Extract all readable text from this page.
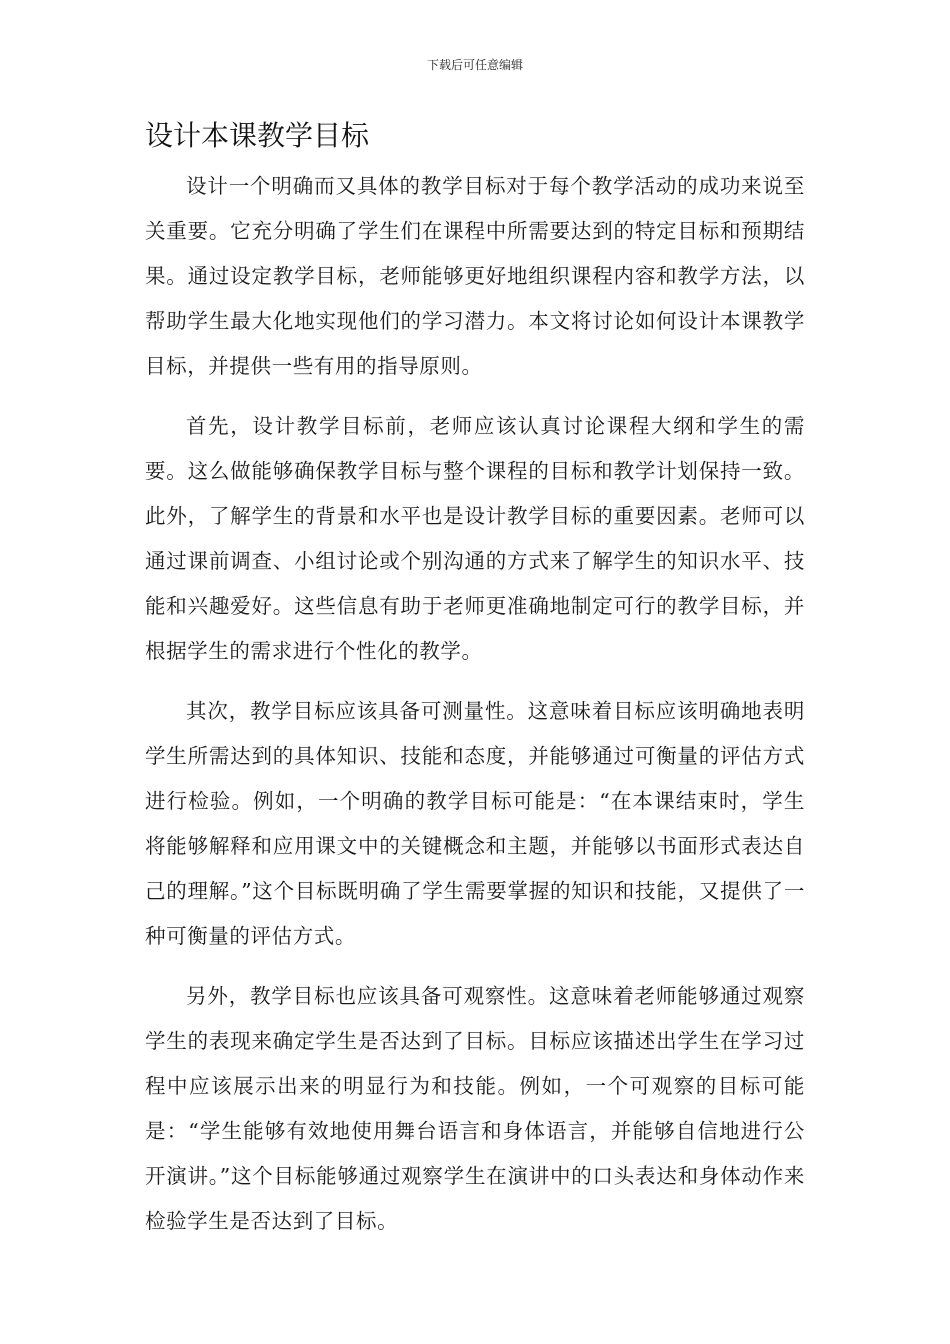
下载后可任意编辑
设计本课教学目标

设计一个明确而又具体的教学目标对于每个教学活动的成功来说至关重要。它充分明确了学生们在课程中所需要达到的特定目标和预期结果。通过设定教学目标，老师能够更好地组织课程内容和教学方法，以帮助学生最大化地实现他们的学习潜力。本文将讨论如何设计本课教学目标，并提供一些有用的指导原则。

首先，设计教学目标前，老师应该认真讨论课程大纲和学生的需要。这么做能够确保教学目标与整个课程的目标和教学计划保持一致。此外，了解学生的背景和水平也是设计教学目标的重要因素。老师可以通过课前调查、小组讨论或个别沟通的方式来了解学生的知识水平、技能和兴趣爱好。这些信息有助于老师更准确地制定可行的教学目标，并根据学生的需求进行个性化的教学。

其次，教学目标应该具备可测量性。这意味着目标应该明确地表明学生所需达到的具体知识、技能和态度，并能够通过可衡量的评估方式进行检验。例如，一个明确的教学目标可能是：“在本课结束时，学生将能够解释和应用课文中的关键概念和主题，并能够以书面形式表达自己的理解。”这个目标既明确了学生需要掌握的知识和技能，又提供了一种可衡量的评估方式。

另外，教学目标也应该具备可观察性。这意味着老师能够通过观察学生的表现来确定学生是否达到了目标。目标应该描述出学生在学习过程中应该展示出来的明显行为和技能。例如，一个可观察的目标可能是：“学生能够有效地使用舞台语言和身体语言，并能够自信地进行公开演讲。”这个目标能够通过观察学生在演讲中的口头表达和身体动作来检验学生是否达到了目标。
